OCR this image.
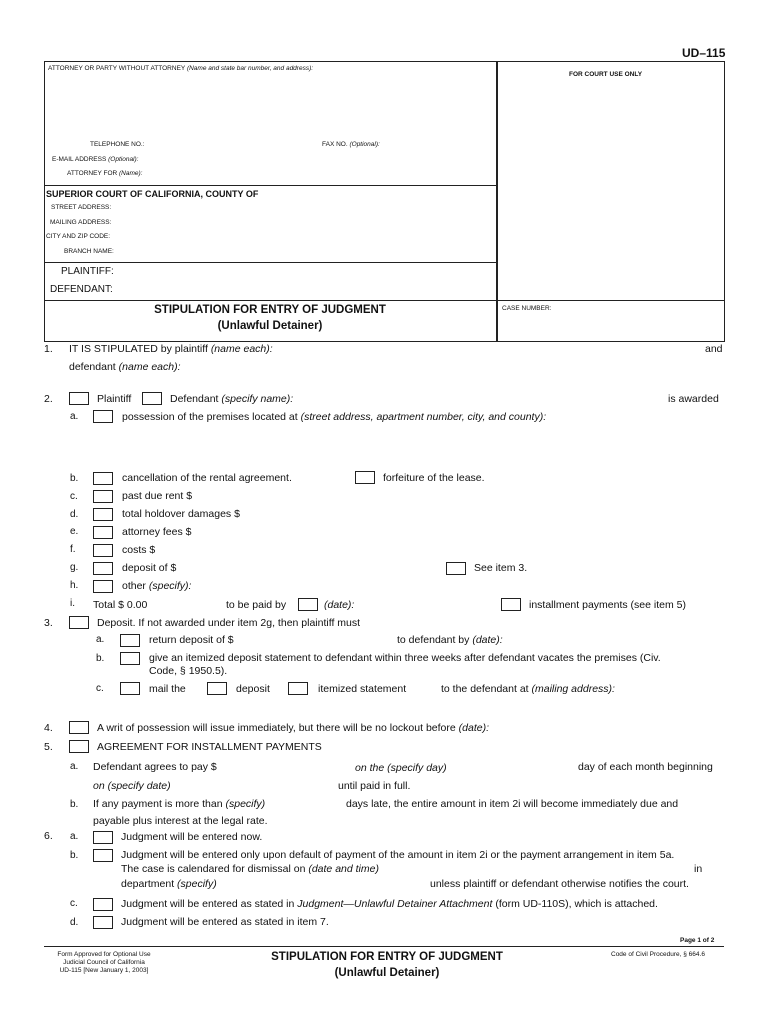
UD–115
ATTORNEY OR PARTY WITHOUT ATTORNEY (Name and state bar number, and address):
FOR COURT USE ONLY
TELEPHONE NO.:	FAX NO. (Optional):
E-MAIL ADDRESS (Optional):
ATTORNEY FOR (Name):
SUPERIOR COURT OF CALIFORNIA, COUNTY OF
STREET ADDRESS:
MAILING ADDRESS:
CITY AND ZIP CODE:
BRANCH NAME:
PLAINTIFF:
DEFENDANT:
STIPULATION FOR ENTRY OF JUDGMENT
(Unlawful Detainer)
CASE NUMBER:
1. IT IS STIPULATED by plaintiff (name each):	and
defendant (name each):
2.	Plaintiff	Defendant (specify name):	is awarded
a.	possession of the premises located at (street address, apartment number, city, and county):
b.	cancellation of the rental agreement.	forfeiture of the lease.
c.	past due rent $
d.	total holdover damages $
e.	attorney fees $
f.	costs $
g.	deposit of $	See item 3.
h.	other (specify):
i. Total $ 0.00	to be paid by	(date):	installment payments (see item 5)
3.	Deposit. If not awarded under item 2g, then plaintiff must
a.	return deposit of $	to defendant by (date):
b.	give an itemized deposit statement to defendant within three weeks after defendant vacates the premises (Civ.
Code, § 1950.5).
c.	mail the	deposit	itemized statement	to the defendant at (mailing address):
4.	A writ of possession will issue immediately, but there will be no lockout before (date):
5.	AGREEMENT FOR INSTALLMENT PAYMENTS
a. Defendant agrees to pay $	on the (specify day)	day of each month beginning
on (specify date)	until paid in full.
b. If any payment is more than (specify)	days late, the entire amount in item 2i will become immediately due and
payable plus interest at the legal rate.
6. a.	Judgment will be entered now.
b.	Judgment will be entered only upon default of payment of the amount in item 2i or the payment arrangement in item 5a.
The case is calendared for dismissal on (date and time)	in
department (specify)	unless plaintiff or defendant otherwise notifies the court.
c.	Judgment will be entered as stated in Judgment—Unlawful Detainer Attachment (form UD-110S), which is attached.
d.	Judgment will be entered as stated in item 7.
Page 1 of 2
Form Approved for Optional Use
Judicial Council of California
UD-115 [New January 1, 2003]
STIPULATION FOR ENTRY OF JUDGMENT
(Unlawful Detainer)
Code of Civil Procedure, § 664.6
